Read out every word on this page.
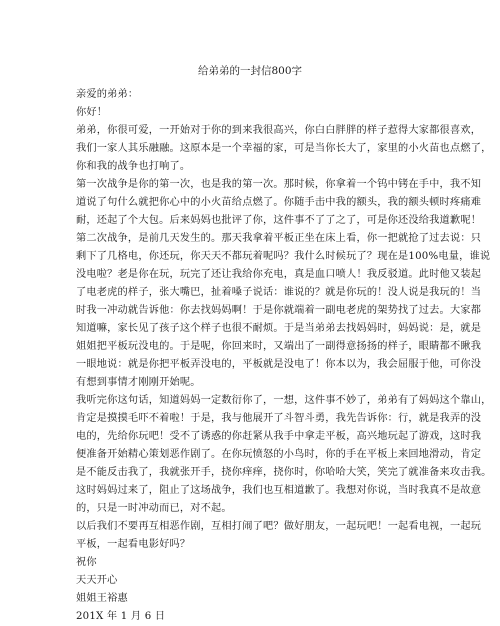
给弟弟的一封信800字
亲爱的弟弟：
你好！
弟弟，你很可爱，一开始对于你的到来我很高兴，你白白胖胖的样子惹得大家都很喜欢，
我们一家人其乐融融。这原本是一个幸福的家，可是当你长大了，家里的小火苗也点燃了，
你和我的战争也打响了。
第一次战争是你的第一次，也是我的第一次。那时候，你拿着一个钨中铐在手中，我不知
道说了句什么就把你心中的小火苗给点燃了。你随手击中我的额头，我的额头顿时疼痛难
耐，还起了个大包。后来妈妈也批评了你，这件事不了了之了，可是你还没给我道歉呢！
第二次战争，是前几天发生的。那天我拿着平板正坐在床上看，你一把就抢了过去说：只
剩下了几格电，你还玩，你天天不都玩着呢吗？我什么时候玩了？现在是100%电量，谁说
没电啦？老是你在玩，玩完了还让我给你充电，真是血口喷人！我反驳道。此时他又装起
了电老虎的样子，张大嘴巴，扯着嗓子说话：谁说的？就是你玩的！没人说是我玩的！当
时我一冲动就告诉他：你去找妈妈啊！于是你就端着一副电老虎的架势找了过去。大家都
知道嘛，家长见了孩子这个样子也很不耐烦。于是当弟弟去找妈妈时，妈妈说：是，就是
姐姐把平板玩没电的。于是呢，你回来时，又端出了一副得意扬扬的样子，眼睛都不瞅我
一眼地说：就是你把平板弄没电的，平板就是没电了！你本以为，我会屈服于他，可你没
有想到事情才刚刚开始呢。
我听完你这句话，知道妈妈一定数衍你了，一想，这件事不妙了，弟弟有了妈妈这个靠山，
肯定是摸摸毛吓不着啦！于是，我与他展开了斗智斗勇，我先告诉你：行，就是我弄的没
电的，先给你玩吧！受不了诱惑的你赶紧从我手中拿走平板，高兴地玩起了游戏，这时我
便准备开始精心策划恶作剧了。在你玩愤怒的小鸟时，你的手在平板上来回地滑动，肯定
是不能反击我了，我就张开手，挠你痒痒，挠你时，你哈哈大笑，笑完了就准备来攻击我。
这时妈妈过来了，阻止了这场战争，我们也互相道歉了。我想对你说，当时我真不是故意
的，只是一时冲动而已，对不起。
以后我们不要再互相恶作剧，互相打闹了吧？做好朋友，一起玩吧！一起看电视，一起玩
平板，一起看电影好吗？
祝你
天天开心
姐姐王裕惠
201X 年 1 月 6 日
